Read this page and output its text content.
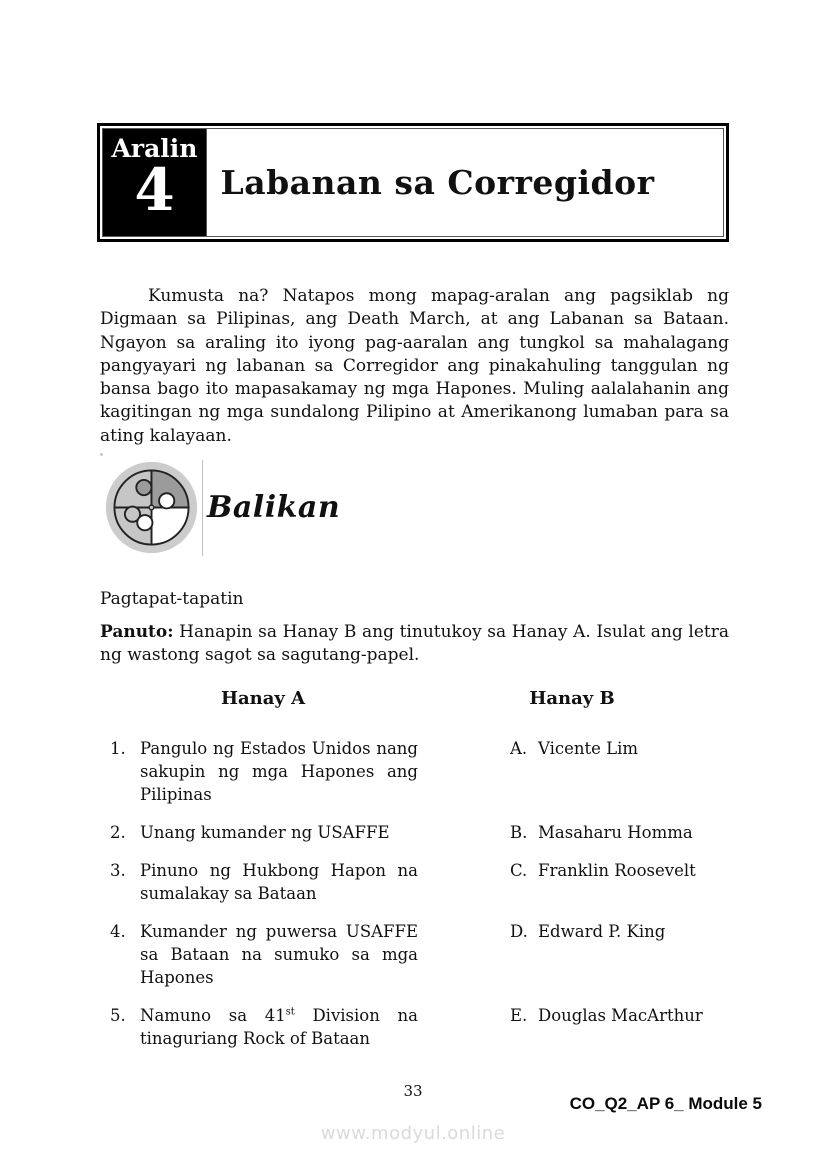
Aralin
4 Labanan sa Corregidor

Kumusta na? Natapos mong mapag-aralan ang pagsiklab ng Digmaan sa Pilipinas, ang Death March, at ang Labanan sa Bataan. Ngayon sa araling ito iyong pag-aaralan ang tungkol sa mahalagang pangyayari ng labanan sa Corregidor ang pinakahuling tanggulan ng bansa bago ito mapasakamay ng mga Hapones. Muling aalalahanin ang kagitingan ng mga sundalong Pilipino at Amerikanong lumaban para sa ating kalayaan.

Balikan
Pagtapat-tapatin

Panuto: Hanapin sa Hanay B ang tinutukoy sa Hanay A. Isulat ang letra ng wastong sagot sa sagutang-papel.

Hanay A	Hanay B
1. Pangulo ng Estados Unidos nang sakupin ng mga Hapones ang Pilipinas
A. Vicente Lim
2. Unang kumander ng USAFFE	B. Masaharu Homma
3. Pinuno ng Hukbong Hapon na sumalakay sa Bataan
C. Franklin Roosevelt
4. Kumander ng puwersa USAFFE sa Bataan na sumuko sa mga Hapones
D. Edward P. King
5. Namuno sa 41st Division na tinaguriang Rock of Bataan
E. Douglas MacArthur
33
CO_Q2_AP 6_ Module 5
www.modyul.online
